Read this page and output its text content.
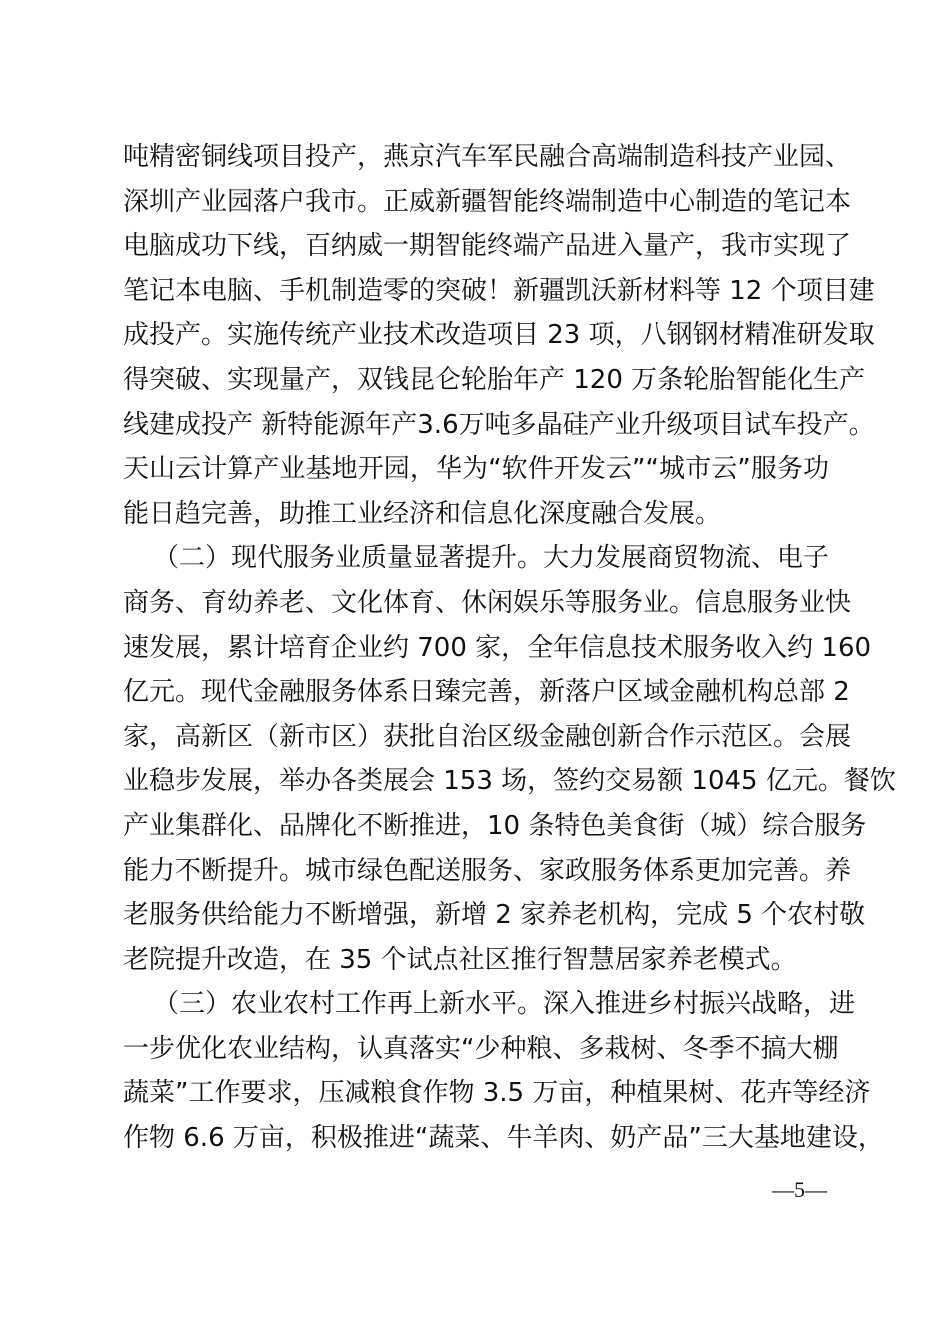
吨精密铜线项目投产，燕京汽车军民融合高端制造科技产业园、
深圳产业园落户我市。正威新疆智能终端制造中心制造的笔记本
电脑成功下线，百纳威一期智能终端产品进入量产，我市实现了
笔记本电脑、手机制造零的突破！新疆凯沃新材料等 12 个项目建
成投产。实施传统产业技术改造项目 23 项，八钢钢材精准研发取
得突破、实现量产，双钱昆仑轮胎年产 120 万条轮胎智能化生产
线建成投产 新特能源年产3.6万吨多晶硅产业升级项目试车投产。
天山云计算产业基地开园，华为“软件开发云”“城市云”服务功
能日趋完善，助推工业经济和信息化深度融合发展。
（二）现代服务业质量显著提升。大力发展商贸物流、电子
商务、育幼养老、文化体育、休闲娱乐等服务业。信息服务业快
速发展，累计培育企业约 700 家，全年信息技术服务收入约 160
亿元。现代金融服务体系日臻完善，新落户区域金融机构总部 2
家，高新区（新市区）获批自治区级金融创新合作示范区。会展
业稳步发展，举办各类展会 153 场，签约交易额 1045 亿元。餐饮
产业集群化、品牌化不断推进，10 条特色美食街（城）综合服务
能力不断提升。城市绿色配送服务、家政服务体系更加完善。养
老服务供给能力不断增强，新增 2 家养老机构，完成 5 个农村敬
老院提升改造，在 35 个试点社区推行智慧居家养老模式。
（三）农业农村工作再上新水平。深入推进乡村振兴战略，进
一步优化农业结构，认真落实“少种粮、多栽树、冬季不搞大棚
蔬菜”工作要求，压减粮食作物 3.5 万亩，种植果树、花卉等经济
作物 6.6 万亩，积极推进“蔬菜、牛羊肉、奶产品”三大基地建设，
—5—
